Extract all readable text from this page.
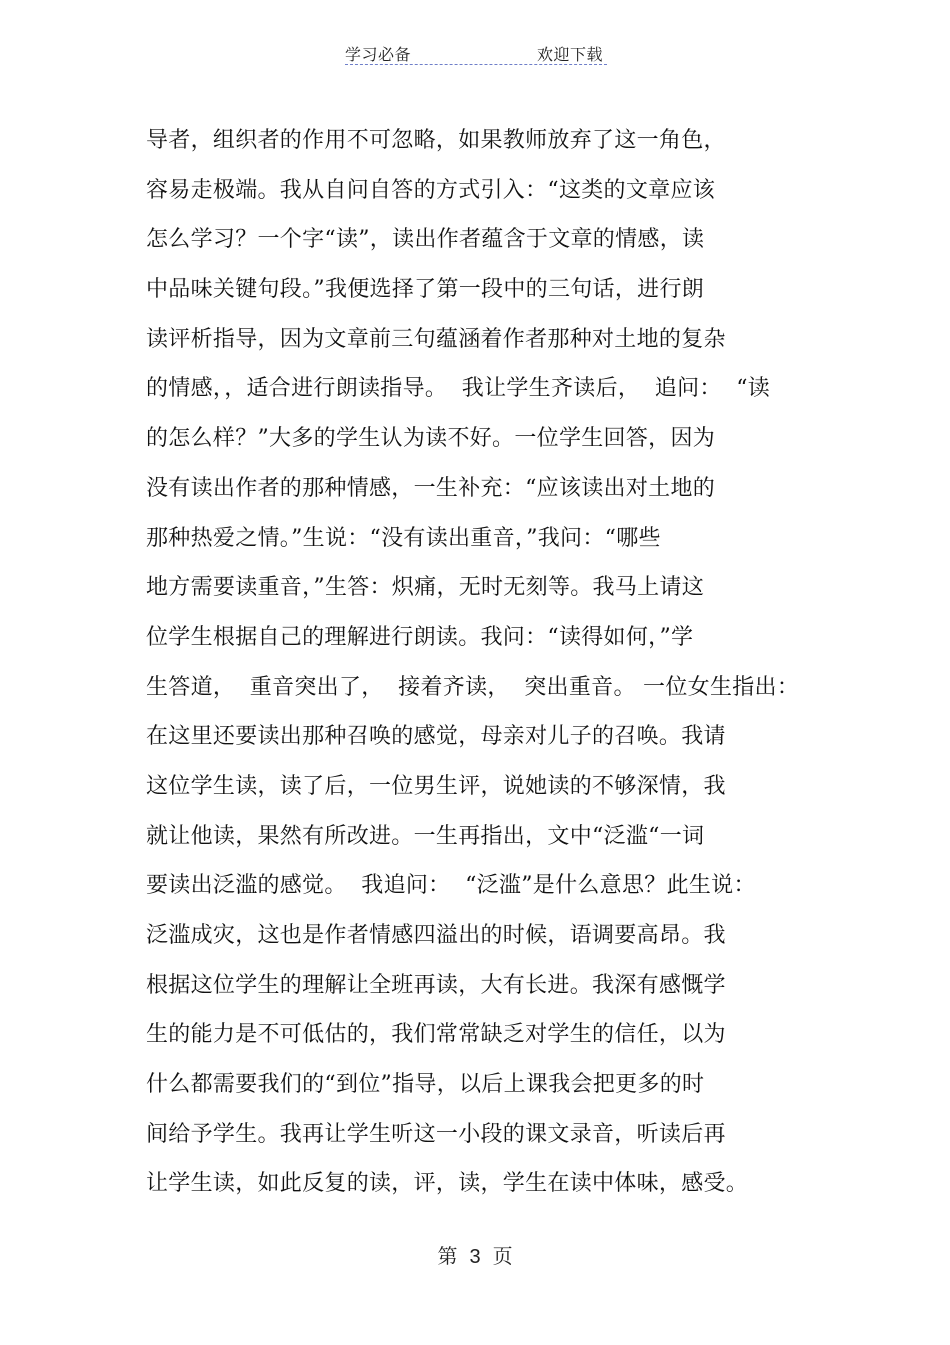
学习必备	欢迎下载
导者，组织者的作用不可忽略，如果教师放弃了这一角色，
容易走极端。我从自问自答的方式引入：“这类的文章应该
怎么学习？一个字“读”，读出作者蕴含于文章的情感，读
中品味关键句段。”我便选择了第一段中的三句话，进行朗
读评析指导，因为文章前三句蕴涵着作者那种对土地的复杂
的情感，，适合进行朗读指导。  我让学生齐读后，  追问：  “读
的怎么样？”大多的学生认为读不好。一位学生回答，因为
没有读出作者的那种情感，一生补充：“应该读出对土地的
那种热爱之情。”生说：“没有读出重音，”我问：“哪些
地方需要读重音，”生答：炽痛，无时无刻等。我马上请这
位学生根据自己的理解进行朗读。我问：“读得如何，”学
生答道，  重音突出了，  接着齐读，  突出重音。 一位女生指出：
在这里还要读出那种召唤的感觉，母亲对儿子的召唤。我请
这位学生读，读了后，一位男生评，说她读的不够深情，我
就让他读，果然有所改进。一生再指出，文中“泛滥“一词
要读出泛滥的感觉。  我追问：  “泛滥”是什么意思？此生说：
泛滥成灾，这也是作者情感四溢出的时候，语调要高昂。我
根据这位学生的理解让全班再读，大有长进。我深有感慨学
生的能力是不可低估的，我们常常缺乏对学生的信任，以为
什么都需要我们的“到位”指导，以后上课我会把更多的时
间给予学生。我再让学生听这一小段的课文录音，听读后再
让学生读，如此反复的读，评，读，学生在读中体味，感受。
第 3 页
